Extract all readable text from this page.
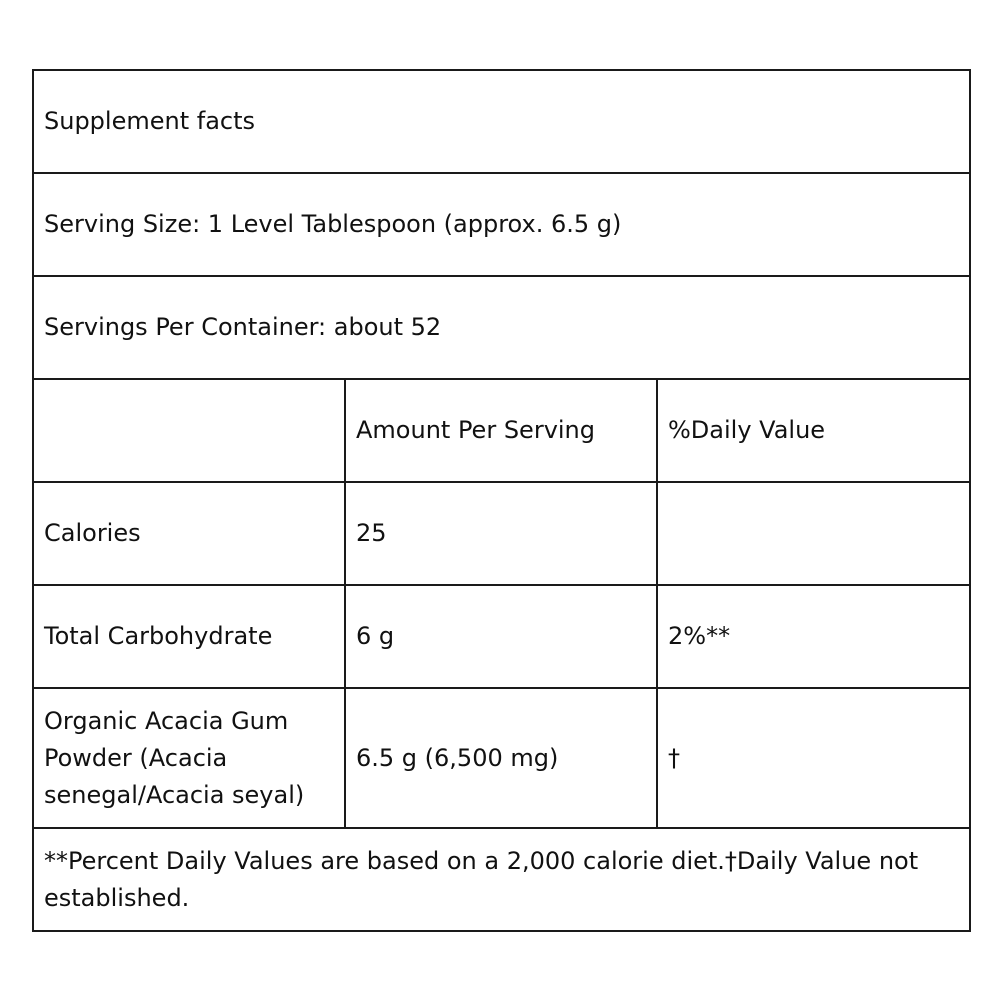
Supplement facts		
Serving Size: 1 Level Tablespoon (approx. 6.5 g)		
Servings Per Container: about 52		
	Amount Per Serving	%Daily Value
Calories	25	
Total Carbohydrate	6 g	2%**
Organic Acacia Gum Powder (Acacia senegal/Acacia seyal)	6.5 g (6,500 mg)	†
**Percent Daily Values are based on a 2,000 calorie diet.†Daily Value not established.		
